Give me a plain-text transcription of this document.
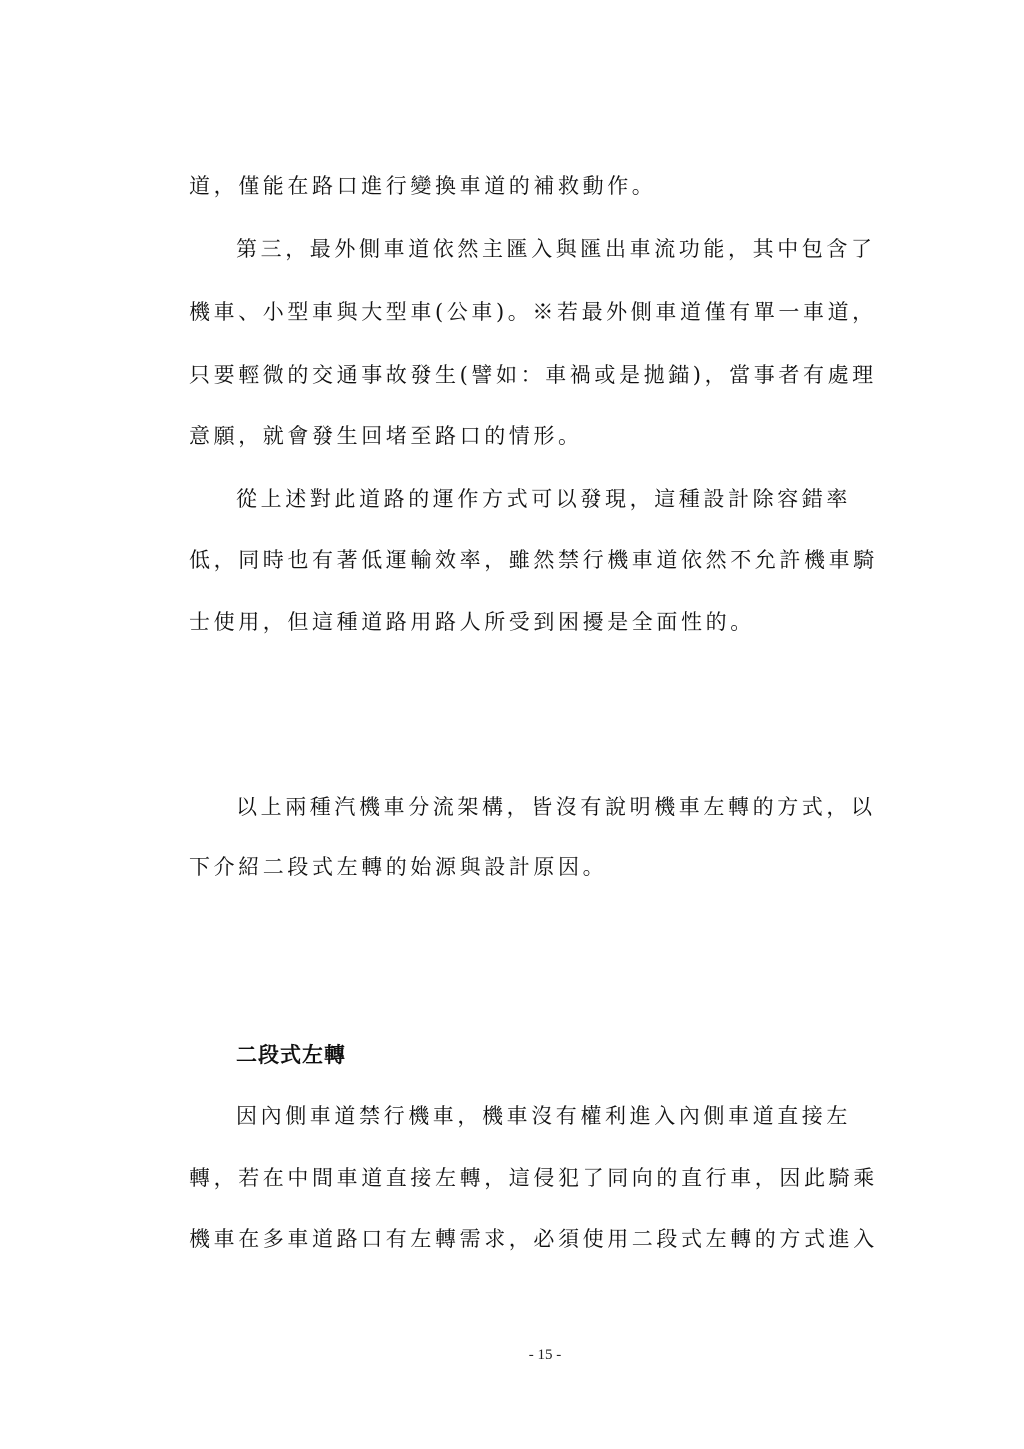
道，僅能在路口進行變換車道的補救動作。
第三，最外側車道依然主匯入與匯出車流功能，其中包含了
機車、小型車與大型車(公車)。※若最外側車道僅有單一車道，
只要輕微的交通事故發生(譬如：車禍或是拋錨)，當事者有處理
意願，就會發生回堵至路口的情形。
從上述對此道路的運作方式可以發現，這種設計除容錯率
低，同時也有著低運輸效率，雖然禁行機車道依然不允許機車騎
士使用，但這種道路用路人所受到困擾是全面性的。
以上兩種汽機車分流架構，皆沒有說明機車左轉的方式，以
下介紹二段式左轉的始源與設計原因。
二段式左轉
因內側車道禁行機車，機車沒有權利進入內側車道直接左
轉，若在中間車道直接左轉，這侵犯了同向的直行車，因此騎乘
機車在多車道路口有左轉需求，必須使用二段式左轉的方式進入
- 15 -
